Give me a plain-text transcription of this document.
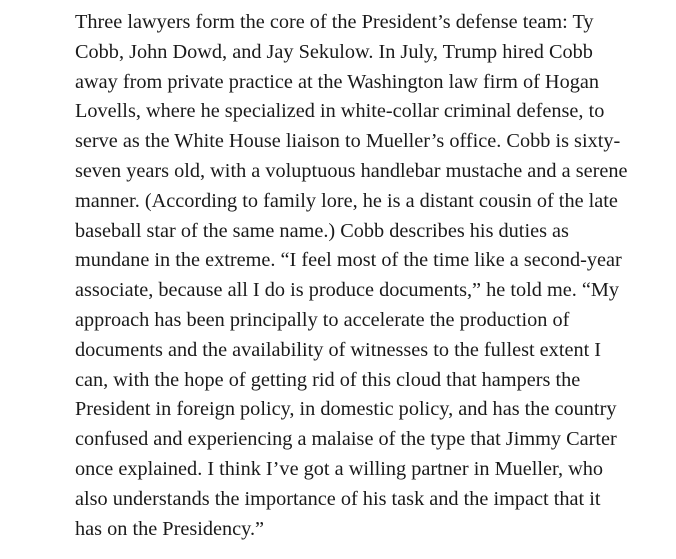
Three lawyers form the core of the President’s defense team: Ty
Cobb, John Dowd, and Jay Sekulow. In July, Trump hired Cobb
away from private practice at the Washington law firm of Hogan
Lovells, where he specialized in white-collar criminal defense, to
serve as the White House liaison to Mueller’s office. Cobb is sixty-
seven years old, with a voluptuous handlebar mustache and a serene
manner. (According to family lore, he is a distant cousin of the late
baseball star of the same name.) Cobb describes his duties as
mundane in the extreme. “I feel most of the time like a second-year
associate, because all I do is produce documents,” he told me. “My
approach has been principally to accelerate the production of
documents and the availability of witnesses to the fullest extent I
can, with the hope of getting rid of this cloud that hampers the
President in foreign policy, in domestic policy, and has the country
confused and experiencing a malaise of the type that Jimmy Carter
once explained. I think I’ve got a willing partner in Mueller, who
also understands the importance of his task and the impact that it
has on the Presidency.”
